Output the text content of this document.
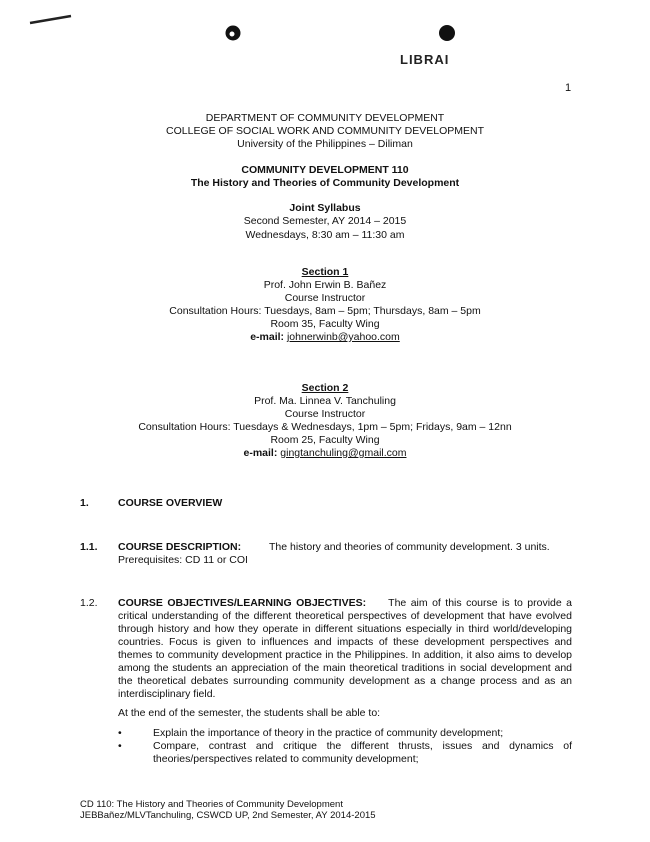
LIBRAI
1
DEPARTMENT OF COMMUNITY DEVELOPMENT
COLLEGE OF SOCIAL WORK AND COMMUNITY DEVELOPMENT
University of the Philippines – Diliman
COMMUNITY DEVELOPMENT 110
The History and Theories of Community Development
Joint Syllabus
Second Semester, AY 2014 – 2015
Wednesdays, 8:30 am – 11:30 am
Section 1
Prof. John Erwin B. Bañez
Course Instructor
Consultation Hours: Tuesdays, 8am – 5pm; Thursdays, 8am – 5pm
Room 35, Faculty Wing
e-mail: johnerwinb@yahoo.com
Section 2
Prof. Ma. Linnea V. Tanchuling
Course Instructor
Consultation Hours: Tuesdays & Wednesdays, 1pm – 5pm; Fridays, 9am – 12nn
Room 25, Faculty Wing
e-mail: gingtanchuling@gmail.com
1.	COURSE OVERVIEW
1.1. COURSE DESCRIPTION:	The history and theories of community development. 3 units.
Prerequisites: CD 11 or COI
1.2. COURSE OBJECTIVES/LEARNING OBJECTIVES: The aim of this course is to provide a critical understanding of the different theoretical perspectives of development that have evolved through history and how they operate in different situations especially in third world/developing countries. Focus is given to influences and impacts of these development perspectives and themes to community development practice in the Philippines. In addition, it also aims to develop among the students an appreciation of the main theoretical traditions in social development and the theoretical debates surrounding community development as a change process and as an interdisciplinary field.
At the end of the semester, the students shall be able to:
•	Explain the importance of theory in the practice of community development;
•	Compare, contrast and critique the different thrusts, issues and dynamics of theories/perspectives related to community development;
CD 110: The History and Theories of Community Development
JEBBañez/MLVTanchuling, CSWCD UP, 2nd Semester, AY 2014-2015
